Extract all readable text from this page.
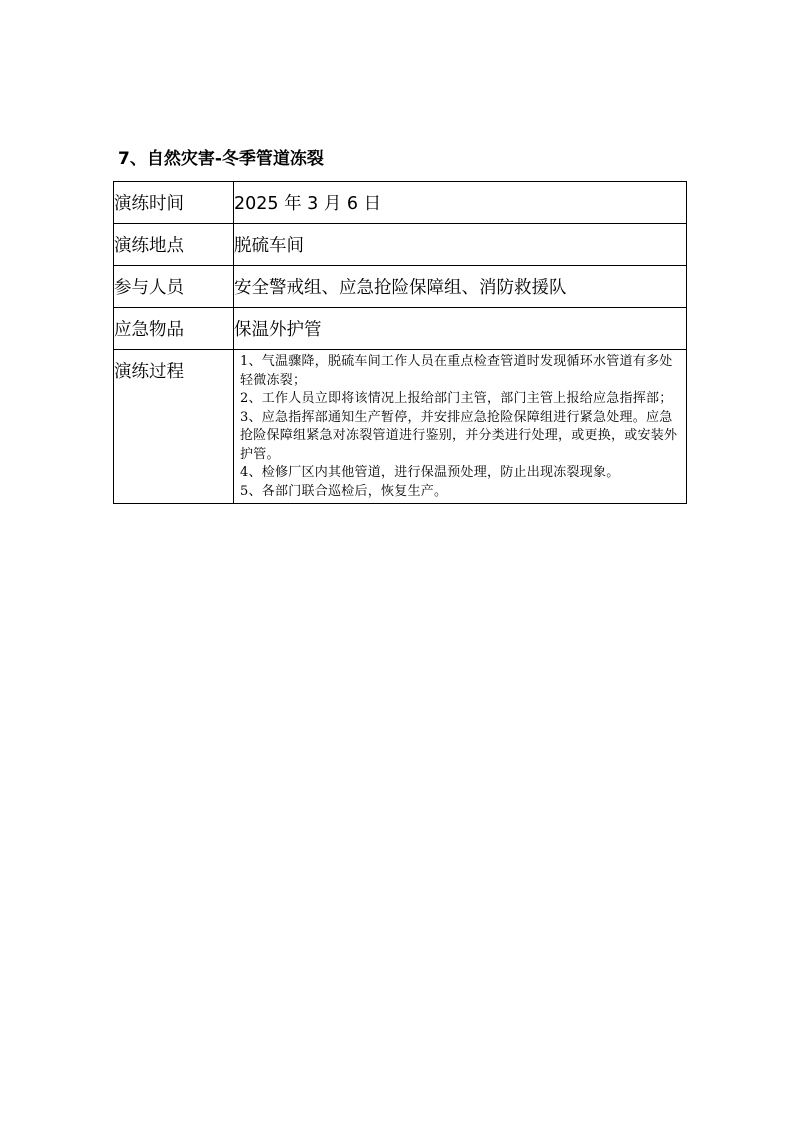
7、自然灾害-冬季管道冻裂
演练时间	2025 年 3 月 6 日
演练地点	脱硫车间
参与人员	安全警戒组、应急抢险保障组、消防救援队
应急物品	保温外护管
演练过程	1、气温骤降，脱硫车间工作人员在重点检查管道时发现循环水管道有多处轻微冻裂；
2、工作人员立即将该情况上报给部门主管，部门主管上报给应急指挥部；
3、应急指挥部通知生产暂停，并安排应急抢险保障组进行紧急处理。应急抢险保障组紧急对冻裂管道进行鉴别，并分类进行处理，或更换，或安装外护管。
4、检修厂区内其他管道，进行保温预处理，防止出现冻裂现象。
5、各部门联合巡检后，恢复生产。
